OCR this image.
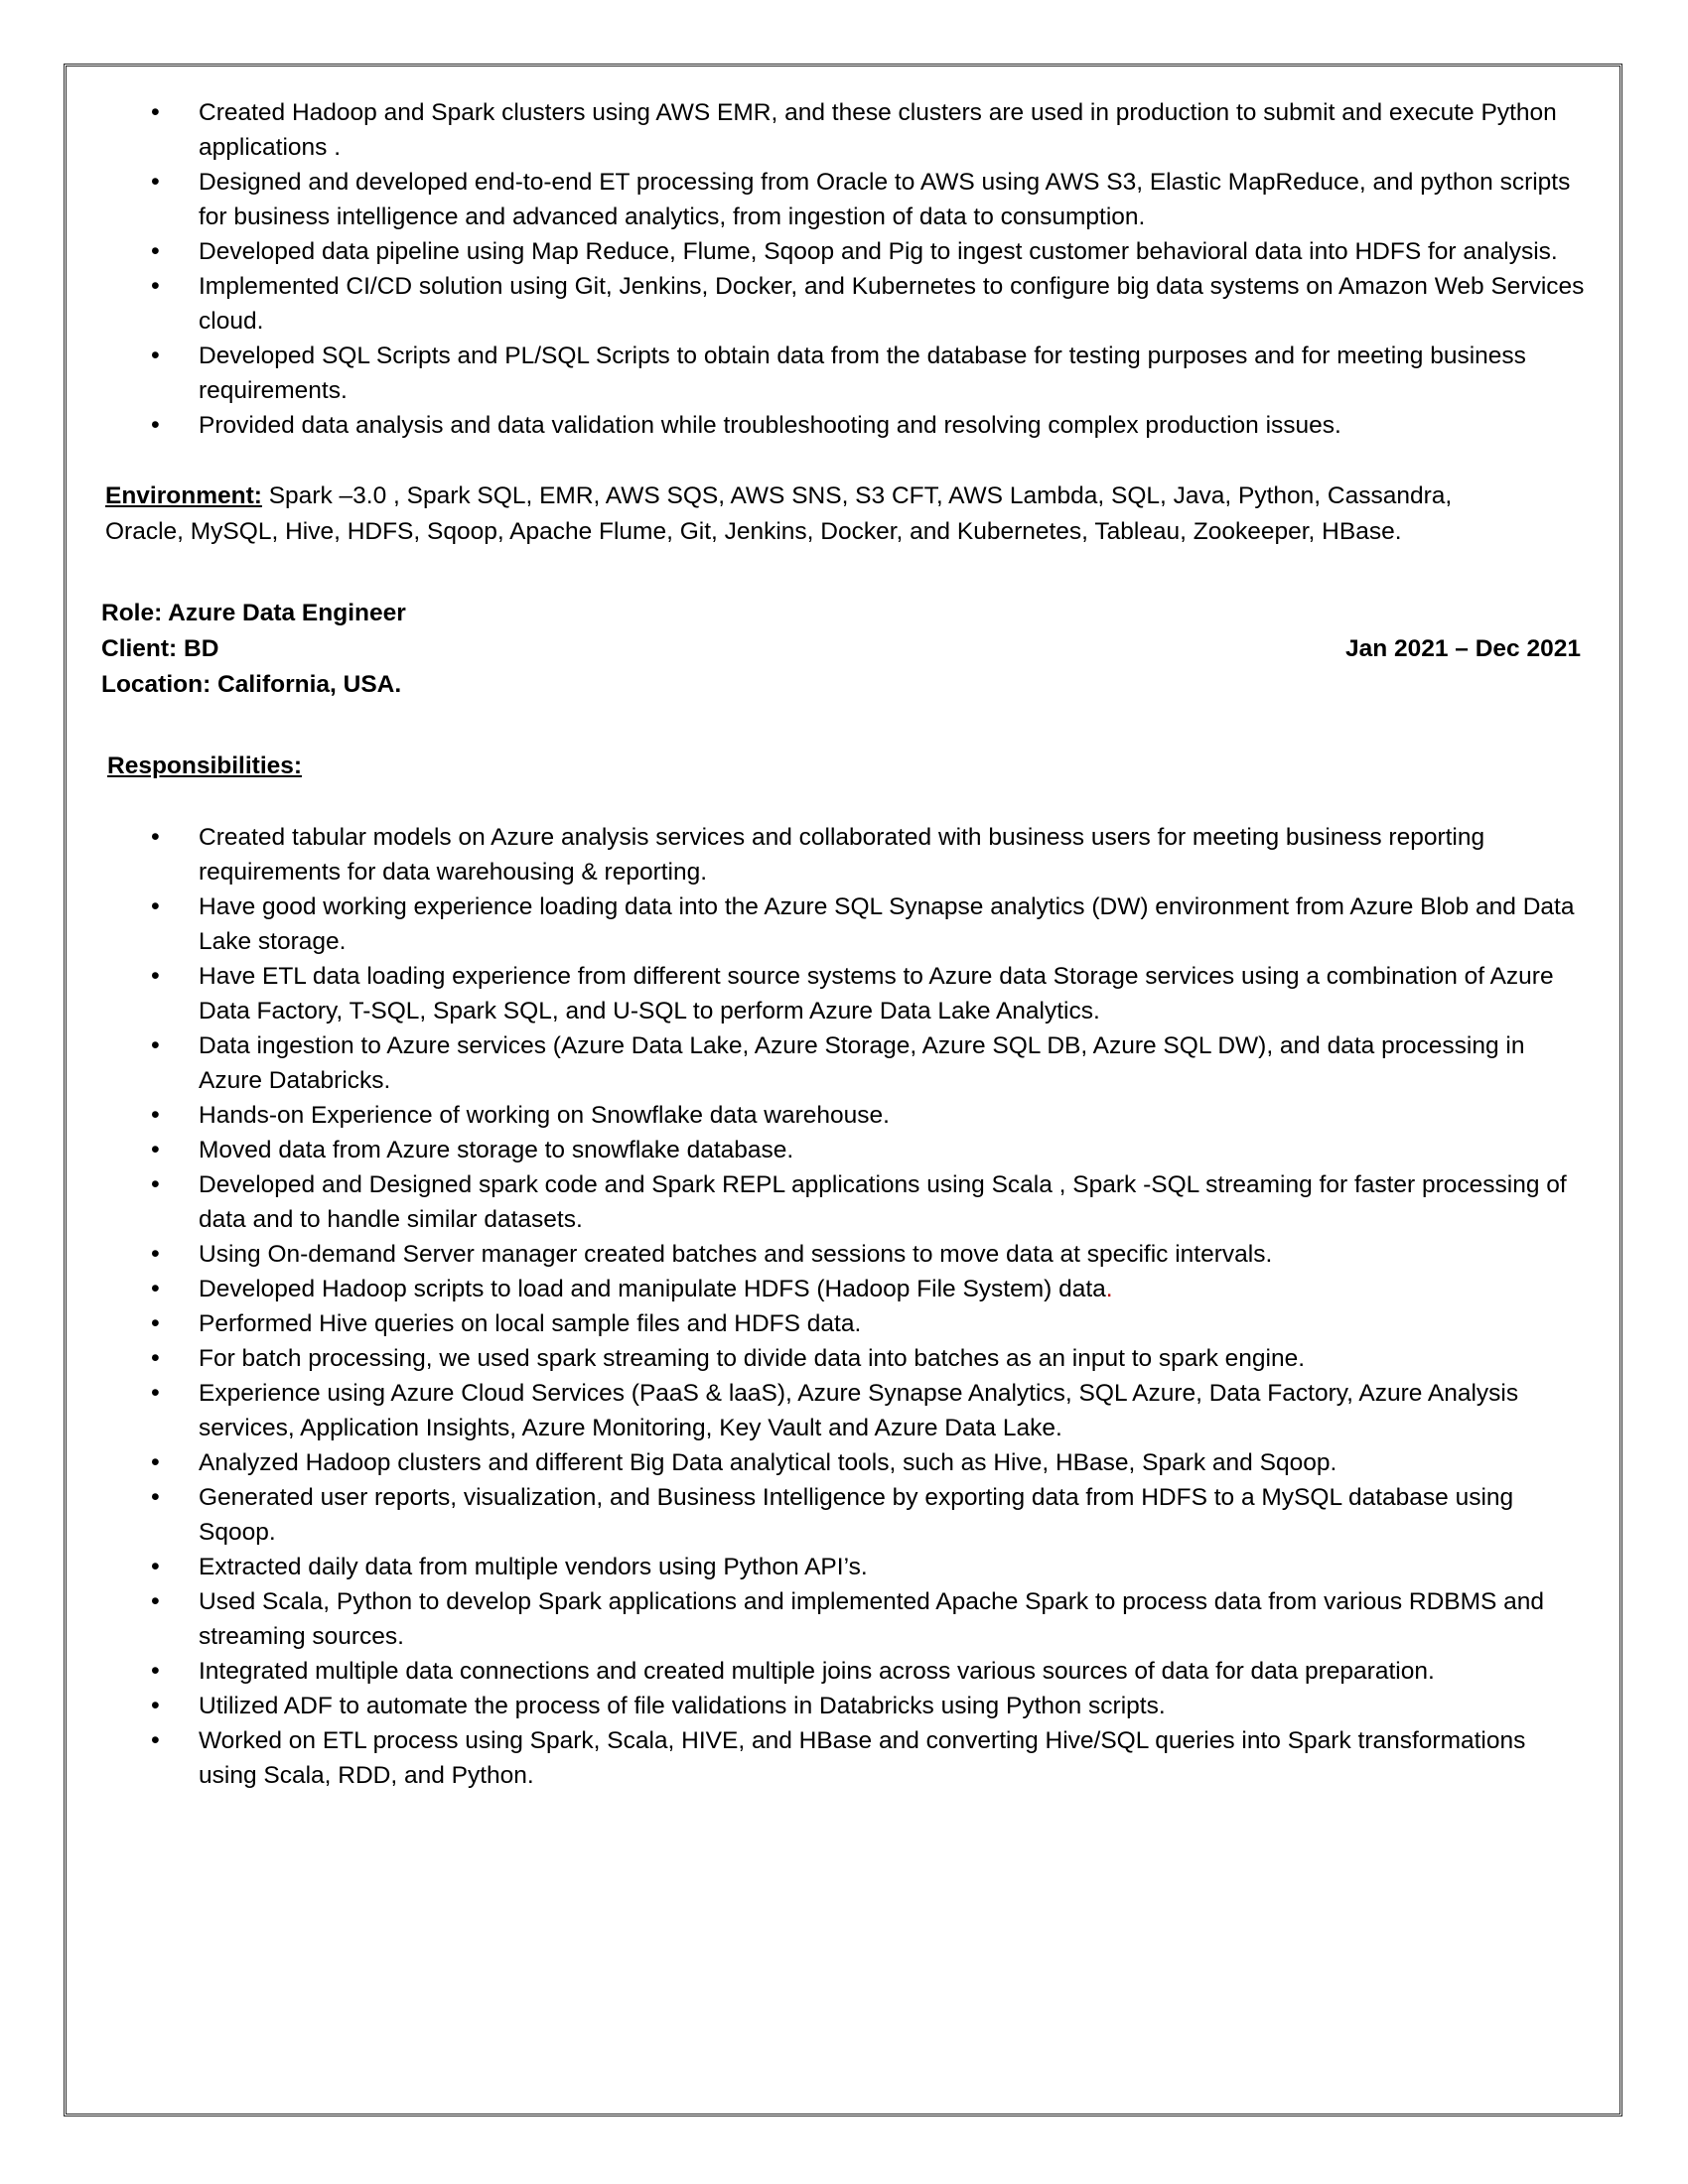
• Created Hadoop and Spark clusters using AWS EMR, and these clusters are used in production to submit and execute Python applications .
• Designed and developed end-to-end ET processing from Oracle to AWS using AWS S3, Elastic MapReduce, and python scripts for business intelligence and advanced analytics, from ingestion of data to consumption.
• Developed data pipeline using Map Reduce, Flume, Sqoop and Pig to ingest customer behavioral data into HDFS for analysis.
• Implemented CI/CD solution using Git, Jenkins, Docker, and Kubernetes to configure big data systems on Amazon Web Services cloud.
• Developed SQL Scripts and PL/SQL Scripts to obtain data from the database for testing purposes and for meeting business requirements.
• Provided data analysis and data validation while troubleshooting and resolving complex production issues.
Environment: Spark –3.0 , Spark SQL, EMR, AWS SQS, AWS SNS, S3 CFT, AWS Lambda, SQL, Java, Python, Cassandra, Oracle, MySQL, Hive, HDFS, Sqoop, Apache Flume, Git, Jenkins, Docker, and Kubernetes, Tableau, Zookeeper, HBase.
Role: Azure Data Engineer
Client: BD	Jan 2021 – Dec 2021
Location: California, USA.
Responsibilities:
• Created tabular models on Azure analysis services and collaborated with business users for meeting business reporting requirements for data warehousing & reporting.
• Have good working experience loading data into the Azure SQL Synapse analytics (DW) environment from Azure Blob and Data Lake storage.
• Have ETL data loading experience from different source systems to Azure data Storage services using a combination of Azure Data Factory, T-SQL, Spark SQL, and U-SQL to perform Azure Data Lake Analytics.
• Data ingestion to Azure services (Azure Data Lake, Azure Storage, Azure SQL DB, Azure SQL DW), and data processing in Azure Databricks.
• Hands-on Experience of working on Snowflake data warehouse.
• Moved data from Azure storage to snowflake database.
• Developed and Designed spark code and Spark REPL applications using Scala , Spark -SQL streaming for faster processing of data and to handle similar datasets.
• Using On-demand Server manager created batches and sessions to move data at specific intervals.
• Developed Hadoop scripts to load and manipulate HDFS (Hadoop File System) data.
• Performed Hive queries on local sample files and HDFS data.
• For batch processing, we used spark streaming to divide data into batches as an input to spark engine.
• Experience using Azure Cloud Services (PaaS & laaS), Azure Synapse Analytics, SQL Azure, Data Factory, Azure Analysis services, Application Insights, Azure Monitoring, Key Vault and Azure Data Lake.
• Analyzed Hadoop clusters and different Big Data analytical tools, such as Hive, HBase, Spark and Sqoop.
• Generated user reports, visualization, and Business Intelligence by exporting data from HDFS to a MySQL database using Sqoop.
• Extracted daily data from multiple vendors using Python API’s.
• Used Scala, Python to develop Spark applications and implemented Apache Spark to process data from various RDBMS and streaming sources.
• Integrated multiple data connections and created multiple joins across various sources of data for data preparation.
• Utilized ADF to automate the process of file validations in Databricks using Python scripts.
• Worked on ETL process using Spark, Scala, HIVE, and HBase and converting Hive/SQL queries into Spark transformations using Scala, RDD, and Python.
